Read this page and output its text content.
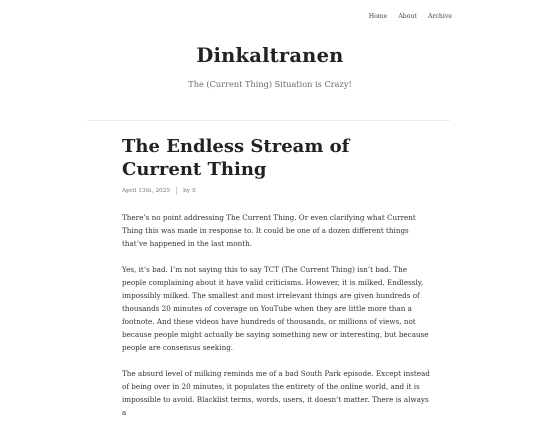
Home About Archive
Dinkaltranen
The (Current Thing) Situation is Crazy!
The Endless Stream of Current Thing
April 13th, 2025 by
E

There’s no point addressing The Current Thing. Or even clarifying what Current Thing this was made in response to. It could be one of a dozen different things that’ve happened in the last month.

Yes, it’s bad. I’m not saying this to say TCT (The Current Thing) isn’t bad. The people complaining about it have valid criticisms. However, it is milked. Endlessly, impossibly milked. The smallest and most irrelevant things are given hundreds of thousands 20 minutes of coverage on YouTube when they are little more than a footnote. And these videos have hundreds of thousands, or millions of views, not because people might actually be saying something new or interesting, but because people are consensus seeking.

The absurd level of milking reminds me of a bad South Park episode. Except instead of being over in 20 minutes, it populates the entirety of the online world, and it is impossible to avoid. Blacklist terms, words, users, it doesn’t matter. There is always a
